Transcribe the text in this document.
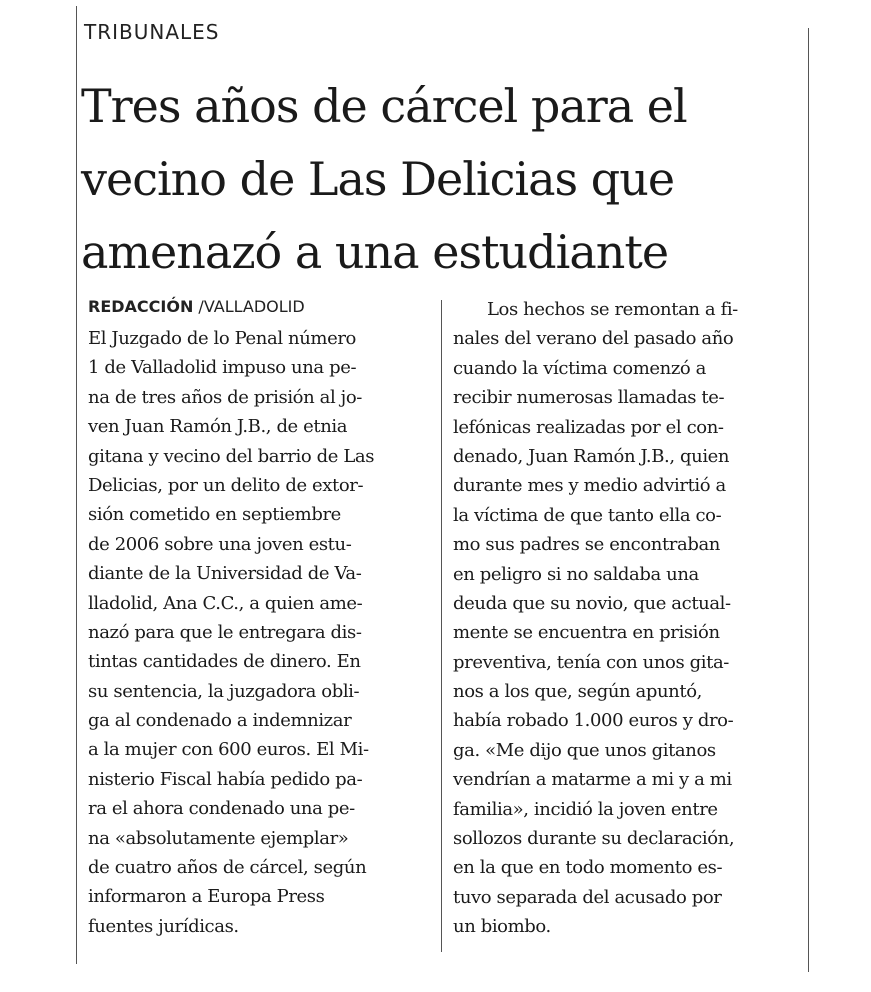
TRIBUNALES
Tres años de cárcel para el
vecino de Las Delicias que
amenazó a una estudiante
REDACCIÓN /VALLADOLID
El Juzgado de lo Penal número
1 de Valladolid impuso una pe-
na de tres años de prisión al jo-
ven Juan Ramón J.B., de etnia
gitana y vecino del barrio de Las
Delicias, por un delito de extor-
sión cometido en septiembre
de 2006 sobre una joven estu-
diante de la Universidad de Va-
lladolid, Ana C.C., a quien ame-
nazó para que le entregara dis-
tintas cantidades de dinero. En
su sentencia, la juzgadora obli-
ga al condenado a indemnizar
a la mujer con 600 euros. El Mi-
nisterio Fiscal había pedido pa-
ra el ahora condenado una pe-
na «absolutamente ejemplar»
de cuatro años de cárcel, según
informaron a Europa Press
fuentes jurídicas.
Los hechos se remontan a fi-
nales del verano del pasado año
cuando la víctima comenzó a
recibir numerosas llamadas te-
lefónicas realizadas por el con-
denado, Juan Ramón J.B., quien
durante mes y medio advirtió a
la víctima de que tanto ella co-
mo sus padres se encontraban
en peligro si no saldaba una
deuda que su novio, que actual-
mente se encuentra en prisión
preventiva, tenía con unos gita-
nos a los que, según apuntó,
había robado 1.000 euros y dro-
ga. «Me dijo que unos gitanos
vendrían a matarme a mi y a mi
familia», incidió la joven entre
sollozos durante su declaración,
en la que en todo momento es-
tuvo separada del acusado por
un biombo.
